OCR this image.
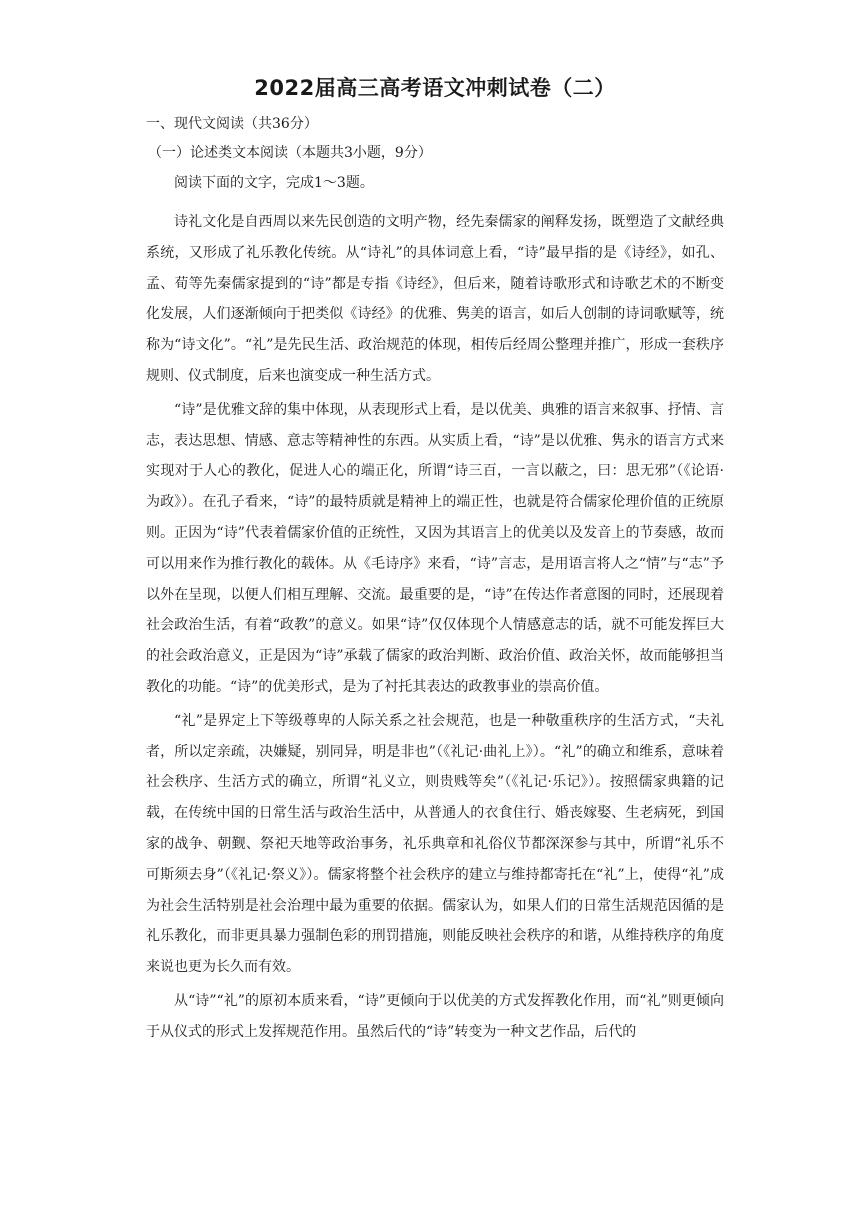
2022届高三高考语文冲刺试卷（二）
一、现代文阅读（共36分）
（一）论述类文本阅读（本题共3小题，9分）

阅读下面的文字，完成1～3题。

诗礼文化是自西周以来先民创造的文明产物，经先秦儒家的阐释发扬，既塑造了文献经典系统，又形成了礼乐教化传统。从“诗礼”的具体词意上看，“诗”最早指的是《诗经》，如孔、孟、荀等先秦儒家提到的“诗”都是专指《诗经》，但后来，随着诗歌形式和诗歌艺术的不断变化发展，人们逐渐倾向于把类似《诗经》的优雅、隽美的语言，如后人创制的诗词歌赋等，统称为“诗文化”。“礼”是先民生活、政治规范的体现，相传后经周公整理并推广，形成一套秩序规则、仪式制度，后来也演变成一种生活方式。

“诗”是优雅文辞的集中体现，从表现形式上看，是以优美、典雅的语言来叙事、抒情、言志，表达思想、情感、意志等精神性的东西。从实质上看，“诗”是以优雅、隽永的语言方式来实现对于人心的教化，促进人心的端正化，所谓“诗三百，一言以蔽之，曰：思无邪”（《论语·为政》）。在孔子看来，“诗”的最特质就是精神上的端正性，也就是符合儒家伦理价值的正统原则。正因为“诗”代表着儒家价值的正统性，又因为其语言上的优美以及发音上的节奏感，故而可以用来作为推行教化的载体。从《毛诗序》来看，“诗”言志，是用语言将人之“情”与“志”予以外在呈现，以便人们相互理解、交流。最重要的是，“诗”在传达作者意图的同时，还展现着社会政治生活，有着“政教”的意义。如果“诗”仅仅体现个人情感意志的话，就不可能发挥巨大的社会政治意义，正是因为“诗”承载了儒家的政治判断、政治价值、政治关怀，故而能够担当教化的功能。“诗”的优美形式，是为了衬托其表达的政教事业的崇高价值。

“礼”是界定上下等级尊卑的人际关系之社会规范，也是一种敬重秩序的生活方式，“夫礼者，所以定亲疏，决嫌疑，别同异，明是非也”（《礼记·曲礼上》）。“礼”的确立和维系，意味着社会秩序、生活方式的确立，所谓“礼义立，则贵贱等矣”（《礼记·乐记》）。按照儒家典籍的记载，在传统中国的日常生活与政治生活中，从普通人的衣食住行、婚丧嫁娶、生老病死，到国家的战争、朝觐、祭祀天地等政治事务，礼乐典章和礼俗仪节都深深参与其中，所谓“礼乐不可斯须去身”（《礼记·祭义》）。儒家将整个社会秩序的建立与维持都寄托在“礼”上，使得“礼”成为社会生活特别是社会治理中最为重要的依据。儒家认为，如果人们的日常生活规范因循的是礼乐教化，而非更具暴力强制色彩的刑罚措施，则能反映社会秩序的和谐，从维持秩序的角度来说也更为长久而有效。

从“诗”“礼”的原初本质来看，“诗”更倾向于以优美的方式发挥教化作用，而“礼”则更倾向于从仪式的形式上发挥规范作用。虽然后代的“诗”转变为一种文艺作品，后代的
